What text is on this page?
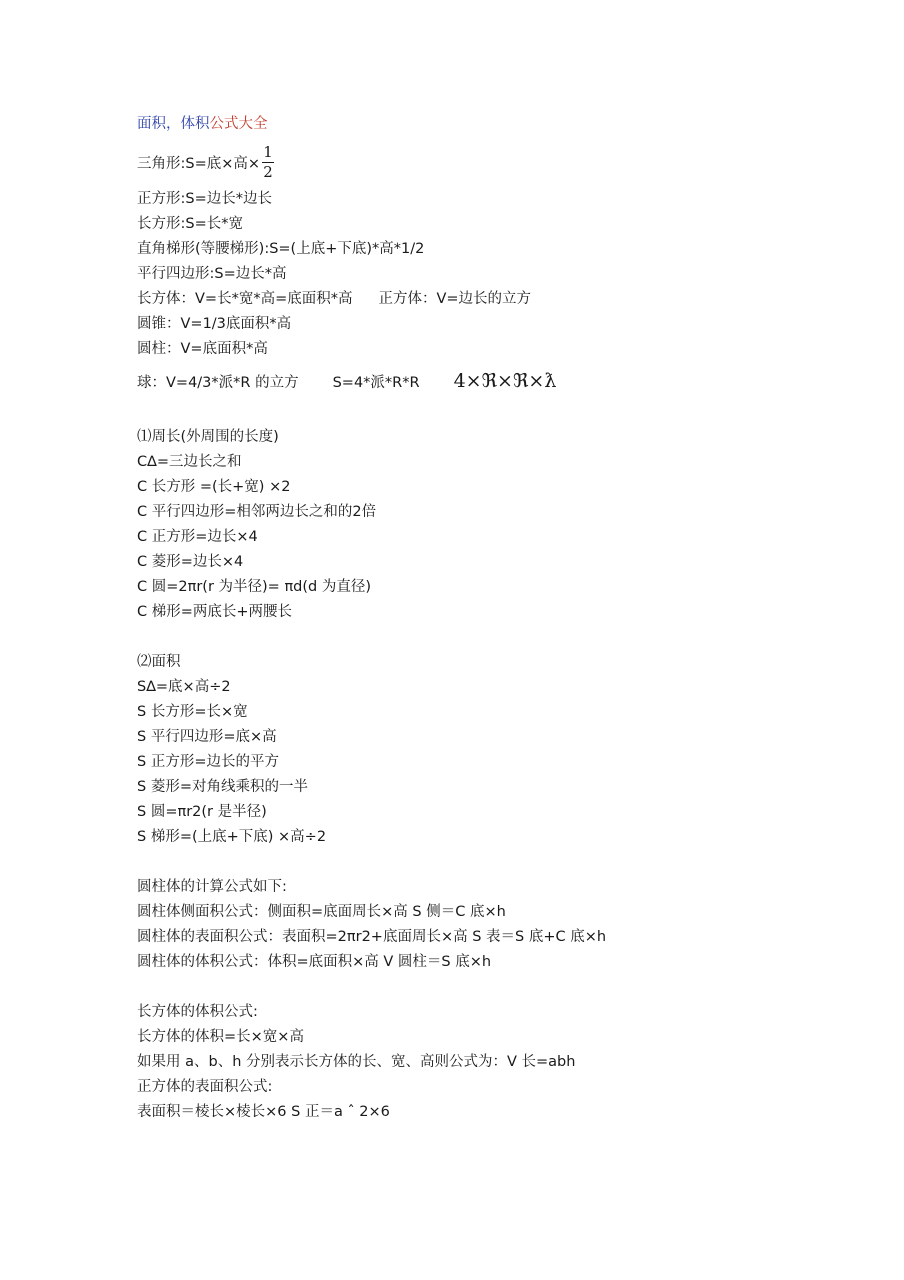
面积，体积公式大全
三角形:S=底×高× $\frac{1}{2}$
正方形:S=边长*边长
长方形:S=长*宽
直角梯形(等腰梯形):S=(上底+下底)*高*1/2
平行四边形:S=边长*高
长方体：V=长*宽*高=底面积*高 正方体：V=边长的立方
圆锥：V=1/3底面积*高
圆柱：V=底面积*高
球：V=4/3*派*R 的立方 S=4*派*R*R 4×ℜ×ℜ×ƛ
⑴周长(外周围的长度)
C∆=三边长之和
C 长方形 =(长+宽) ×2
C 平行四边形=相邻两边长之和的2倍
C 正方形=边长×4
C 菱形=边长×4
C 圆=2πr(r 为半径)= πd(d 为直径)
C 梯形=两底长+两腰长
⑵面积
S∆=底×高÷2
S 长方形=长×宽
S 平行四边形=底×高
S 正方形=边长的平方
S 菱形=对角线乘积的一半
S 圆=πr2(r 是半径)
S 梯形=(上底+下底) ×高÷2
圆柱体的计算公式如下:
圆柱体侧面积公式：侧面积=底面周长×高 S 侧＝C 底×h
圆柱体的表面积公式：表面积=2πr2+底面周长×高 S 表＝S 底+C 底×h
圆柱体的体积公式：体积=底面积×高 V 圆柱＝S 底×h
长方体的体积公式:
长方体的体积=长×宽×高
如果用 a、b、h 分别表示长方体的长、宽、高则公式为：V 长=abh
正方体的表面积公式:
表面积＝棱长×棱长×6 S 正＝a ˆ 2×6
